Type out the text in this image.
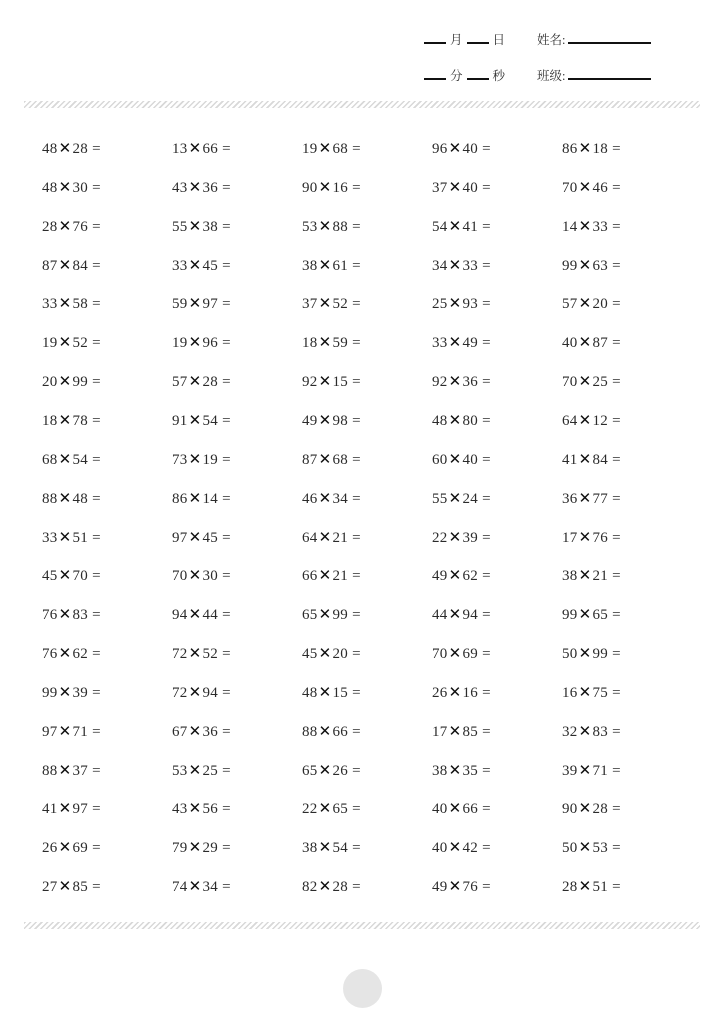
月 日	姓名:
分 秒	班级:
48✕28 =	13✕66 =	19✕68 =	96✕40 =	86✕18 =
48✕30 =	43✕36 =	90✕16 =	37✕40 =	70✕46 =
28✕76 =	55✕38 =	53✕88 =	54✕41 =	14✕33 =
87✕84 =	33✕45 =	38✕61 =	34✕33 =	99✕63 =
33✕58 =	59✕97 =	37✕52 =	25✕93 =	57✕20 =
19✕52 =	19✕96 =	18✕59 =	33✕49 =	40✕87 =
20✕99 =	57✕28 =	92✕15 =	92✕36 =	70✕25 =
18✕78 =	91✕54 =	49✕98 =	48✕80 =	64✕12 =
68✕54 =	73✕19 =	87✕68 =	60✕40 =	41✕84 =
88✕48 =	86✕14 =	46✕34 =	55✕24 =	36✕77 =
33✕51 =	97✕45 =	64✕21 =	22✕39 =	17✕76 =
45✕70 =	70✕30 =	66✕21 =	49✕62 =	38✕21 =
76✕83 =	94✕44 =	65✕99 =	44✕94 =	99✕65 =
76✕62 =	72✕52 =	45✕20 =	70✕69 =	50✕99 =
99✕39 =	72✕94 =	48✕15 =	26✕16 =	16✕75 =
97✕71 =	67✕36 =	88✕66 =	17✕85 =	32✕83 =
88✕37 =	53✕25 =	65✕26 =	38✕35 =	39✕71 =
41✕97 =	43✕56 =	22✕65 =	40✕66 =	90✕28 =
26✕69 =	79✕29 =	38✕54 =	40✕42 =	50✕53 =
27✕85 =	74✕34 =	82✕28 =	49✕76 =	28✕51 =
